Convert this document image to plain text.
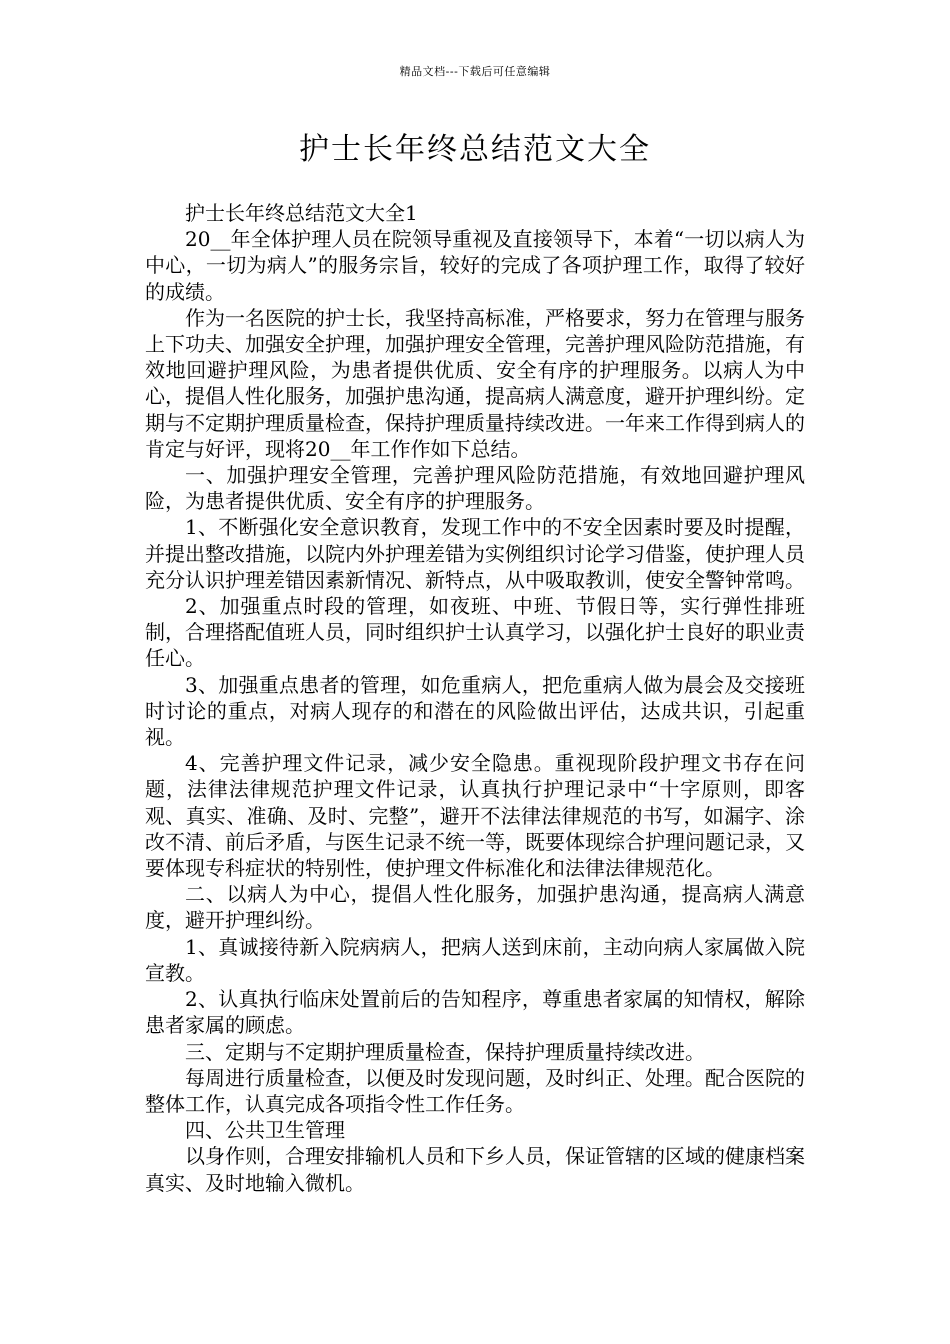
精品文档---下载后可任意编辑
护士长年终总结范文大全

护士长年终总结范文大全1

20__年全体护理人员在院领导重视及直接领导下，本着“一切以病人为中心，一切为病人”的服务宗旨，较好的完成了各项护理工作，取得了较好的成绩。

作为一名医院的护士长，我坚持高标准，严格要求，努力在管理与服务上下功夫、加强安全护理，加强护理安全管理，完善护理风险防范措施，有效地回避护理风险，为患者提供优质、安全有序的护理服务。以病人为中心，提倡人性化服务，加强护患沟通，提高病人满意度，避开护理纠纷。定期与不定期护理质量检查，保持护理质量持续改进。一年来工作得到病人的肯定与好评，现将20__年工作作如下总结。

一、加强护理安全管理，完善护理风险防范措施，有效地回避护理风险，为患者提供优质、安全有序的护理服务。

1、不断强化安全意识教育，发现工作中的不安全因素时要及时提醒，并提出整改措施，以院内外护理差错为实例组织讨论学习借鉴，使护理人员充分认识护理差错因素新情况、新特点，从中吸取教训，使安全警钟常鸣。

2、加强重点时段的管理，如夜班、中班、节假日等，实行弹性排班制，合理搭配值班人员，同时组织护士认真学习，以强化护士良好的职业责任心。

3、加强重点患者的管理，如危重病人，把危重病人做为晨会及交接班时讨论的重点，对病人现存的和潜在的风险做出评估，达成共识，引起重视。

4、完善护理文件记录，减少安全隐患。重视现阶段护理文书存在问题，法律法律规范护理文件记录，认真执行护理记录中“十字原则，即客观、真实、准确、及时、完整”，避开不法律法律规范的书写，如漏字、涂改不清、前后矛盾，与医生记录不统一等，既要体现综合护理问题记录，又要体现专科症状的特别性，使护理文件标准化和法律法律规范化。

二、以病人为中心，提倡人性化服务，加强护患沟通，提高病人满意度，避开护理纠纷。

1、真诚接待新入院病病人，把病人送到床前，主动向病人家属做入院宣教。

2、认真执行临床处置前后的告知程序，尊重患者家属的知情权，解除患者家属的顾虑。

三、定期与不定期护理质量检查，保持护理质量持续改进。

每周进行质量检查，以便及时发现问题，及时纠正、处理。配合医院的整体工作，认真完成各项指令性工作任务。

四、公共卫生管理

以身作则，合理安排输机人员和下乡人员，保证管辖的区域的健康档案真实、及时地输入微机。
